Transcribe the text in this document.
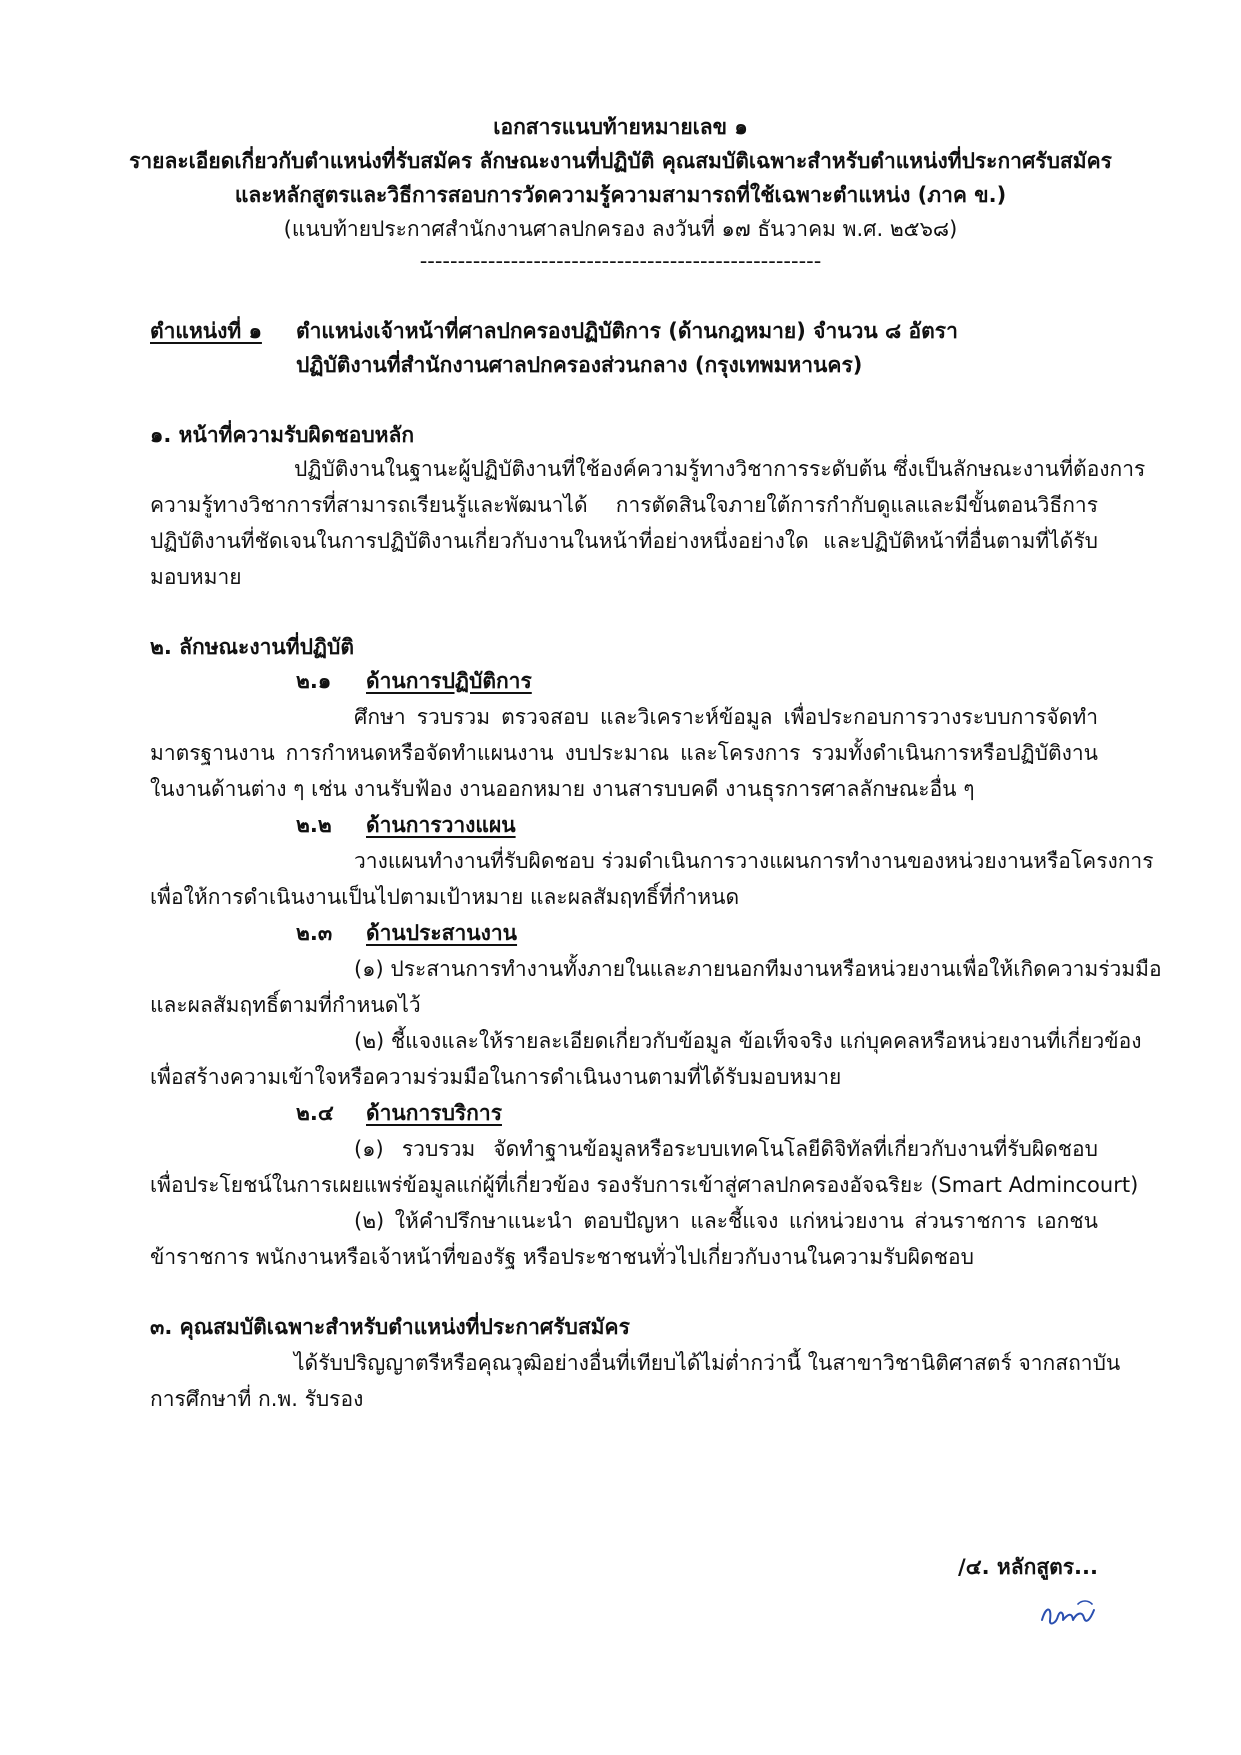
เอกสารแนบท้ายหมายเลข ๑
รายละเอียดเกี่ยวกับตำแหน่งที่รับสมัคร ลักษณะงานที่ปฏิบัติ คุณสมบัติเฉพาะสำหรับตำแหน่งที่ประกาศรับสมัคร
และหลักสูตรและวิธีการสอบการวัดความรู้ความสามารถที่ใช้เฉพาะตำแหน่ง (ภาค ข.)
(แนบท้ายประกาศสำนักงานศาลปกครอง ลงวันที่ ๑๗ ธันวาคม พ.ศ. ๒๕๖๘)
-----------------------------------------------------
ตำแหน่งที่ ๑ ตำแหน่งเจ้าหน้าที่ศาลปกครองปฏิบัติการ (ด้านกฎหมาย) จำนวน ๘ อัตรา
ปฏิบัติงานที่สำนักงานศาลปกครองส่วนกลาง (กรุงเทพมหานคร)
๑. หน้าที่ความรับผิดชอบหลัก
ปฏิบัติงานในฐานะผู้ปฏิบัติงานที่ใช้องค์ความรู้ทางวิชาการระดับต้น ซึ่งเป็นลักษณะงานที่ต้องการ
ความรู้ทางวิชาการที่สามารถเรียนรู้และพัฒนาได้ การตัดสินใจภายใต้การกำกับดูแลและมีขั้นตอนวิธีการ
ปฏิบัติงานที่ชัดเจนในการปฏิบัติงานเกี่ยวกับงานในหน้าที่อย่างหนึ่งอย่างใด และปฏิบัติหน้าที่อื่นตามที่ได้รับ
มอบหมาย
๒. ลักษณะงานที่ปฏิบัติ
๒.๑ ด้านการปฏิบัติการ
ศึกษา รวบรวม ตรวจสอบ และวิเคราะห์ข้อมูล เพื่อประกอบการวางระบบการจัดทำ
มาตรฐานงาน การกำหนดหรือจัดทำแผนงาน งบประมาณ และโครงการ รวมทั้งดำเนินการหรือปฏิบัติงาน
ในงานด้านต่าง ๆ เช่น งานรับฟ้อง งานออกหมาย งานสารบบคดี งานธุรการศาลลักษณะอื่น ๆ
๒.๒ ด้านการวางแผน
วางแผนทำงานที่รับผิดชอบ ร่วมดำเนินการวางแผนการทำงานของหน่วยงานหรือโครงการ
เพื่อให้การดำเนินงานเป็นไปตามเป้าหมาย และผลสัมฤทธิ์ที่กำหนด
๒.๓ ด้านประสานงาน
(๑) ประสานการทำงานทั้งภายในและภายนอกทีมงานหรือหน่วยงานเพื่อให้เกิดความร่วมมือ
และผลสัมฤทธิ์ตามที่กำหนดไว้
(๒) ชี้แจงและให้รายละเอียดเกี่ยวกับข้อมูล ข้อเท็จจริง แก่บุคคลหรือหน่วยงานที่เกี่ยวข้อง
เพื่อสร้างความเข้าใจหรือความร่วมมือในการดำเนินงานตามที่ได้รับมอบหมาย
๒.๔ ด้านการบริการ
(๑) รวบรวม จัดทำฐานข้อมูลหรือระบบเทคโนโลยีดิจิทัลที่เกี่ยวกับงานที่รับผิดชอบ
เพื่อประโยชน์ในการเผยแพร่ข้อมูลแก่ผู้ที่เกี่ยวข้อง รองรับการเข้าสู่ศาลปกครองอัจฉริยะ (Smart Admincourt)
(๒) ให้คำปรึกษาแนะนำ ตอบปัญหา และชี้แจง แก่หน่วยงาน ส่วนราชการ เอกชน
ข้าราชการ พนักงานหรือเจ้าหน้าที่ของรัฐ หรือประชาชนทั่วไปเกี่ยวกับงานในความรับผิดชอบ
๓. คุณสมบัติเฉพาะสำหรับตำแหน่งที่ประกาศรับสมัคร
ได้รับปริญญาตรีหรือคุณวุฒิอย่างอื่นที่เทียบได้ไม่ต่ำกว่านี้ ในสาขาวิชานิติศาสตร์ จากสถาบัน
การศึกษาที่ ก.พ. รับรอง
/๔. หลักสูตร...
